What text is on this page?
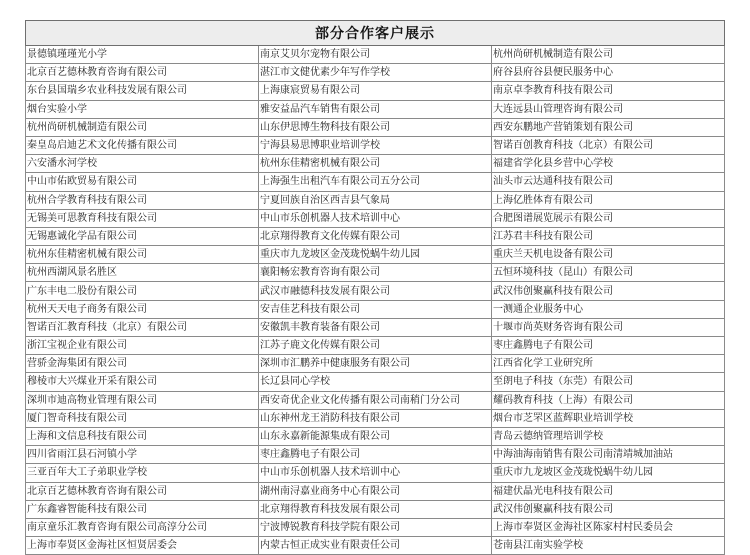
部分合作客户展示		
景德镇瑾瑾光小学	南京艾贝尔宠物有限公司	杭州尚研机械制造有限公司
北京百艺德林教育咨询有限公司	湛江市文健优素少年写作学校	府谷县府谷县便民服务中心
东台县国瑞乡农业科技发展有限公司	上海康宸贸易有限公司	南京卓李教育科技有限公司
烟台实验小学	雅安益品汽车销售有限公司	大连远县山管理咨询有限公司
杭州尚研机械制造有限公司	山东伊思博生物科技有限公司	西安东鹏地产营销策划有限公司
秦皇岛启迪艺术文化传播有限公司	宁海县易思博职业培训学校	智诺百创教育科技（北京）有限公司
六安潘水河学校	杭州东佳精密机械有限公司	福建省学化县乡营中心学校
中山市佑欧贸易有限公司	上海强生出租汽车有限公司五分公司	汕头市云达通科技有限公司
杭州合学教育科技有限公司	宁夏回族自治区西吉县气象局	上海亿胜体育有限公司
无锡美可思教育科技有限公司	中山市乐创机器人技术培训中心	合肥图谱展览展示有限公司
无锡惠诚化学品有限公司	北京翔得教育文化传媒有限公司	江苏君丰科技有限公司
杭州东佳精密机械有限公司	重庆市九龙坡区金茂珑悦蜗牛幼儿园	重庆兰天机电设备有限公司
杭州西湖风景名胜区	襄阳畅宏教育咨询有限公司	五恒环境科技（昆山）有限公司
广东丰电二股份有限公司	武汉市融德科技发展有限公司	武汉伟创聚赢科技有限公司
杭州天天电子商务有限公司	安吉佳艺科技有限公司	一测通企业服务中心
智诺百汇教育科技（北京）有限公司	安徽凯丰教育装备有限公司	十堰市尚英财务咨询有限公司
浙江宝视企业有限公司	江苏子鹿文化传媒有限公司	枣庄鑫腾电子有限公司
营骄金海集团有限公司	深圳市汇鹏养中健康服务有限公司	江西省化学工业研究所
穆棱市大兴煤业开采有限公司	长辽县同心学校	至朗电子科技（东莞）有限公司
深圳市迪高物业管理有限公司	西安奇优企业文化传播有限公司南稍门分公司	耀码教育科技（上海）有限公司
厦门智奇科技有限公司	山东神州龙王消防科技有限公司	烟台市芝罘区蓝辉职业培训学校
上海和文信息科技有限公司	山东永嘉新能源集成有限公司	青岛云德纳管理培训学校
四川省雨江县石河镇小学	枣庄鑫腾电子有限公司	中海油海南销售有限公司南清靖城加油站
三亚百年大工子弟职业学校	中山市乐创机器人技术培训中心	重庆市九龙坡区金茂珑悦蜗牛幼儿园
北京百艺德林教育咨询有限公司	湖州南浔嘉业商务中心有限公司	福建伏晶光电科技有限公司
广东鑫睿智能科技有限公司	北京翔得教育科技发展有限公司	武汉伟创聚赢科技有限公司
南京童乐汇教育咨询有限公司高淳分公司	宁波博锐教育科技学院有限公司	上海市奉贤区金海社区陈家村村民委员会
上海市奉贤区金海社区恒贤居委会	内蒙古恒正成实业有限责任公司	苍南县江南实验学校
